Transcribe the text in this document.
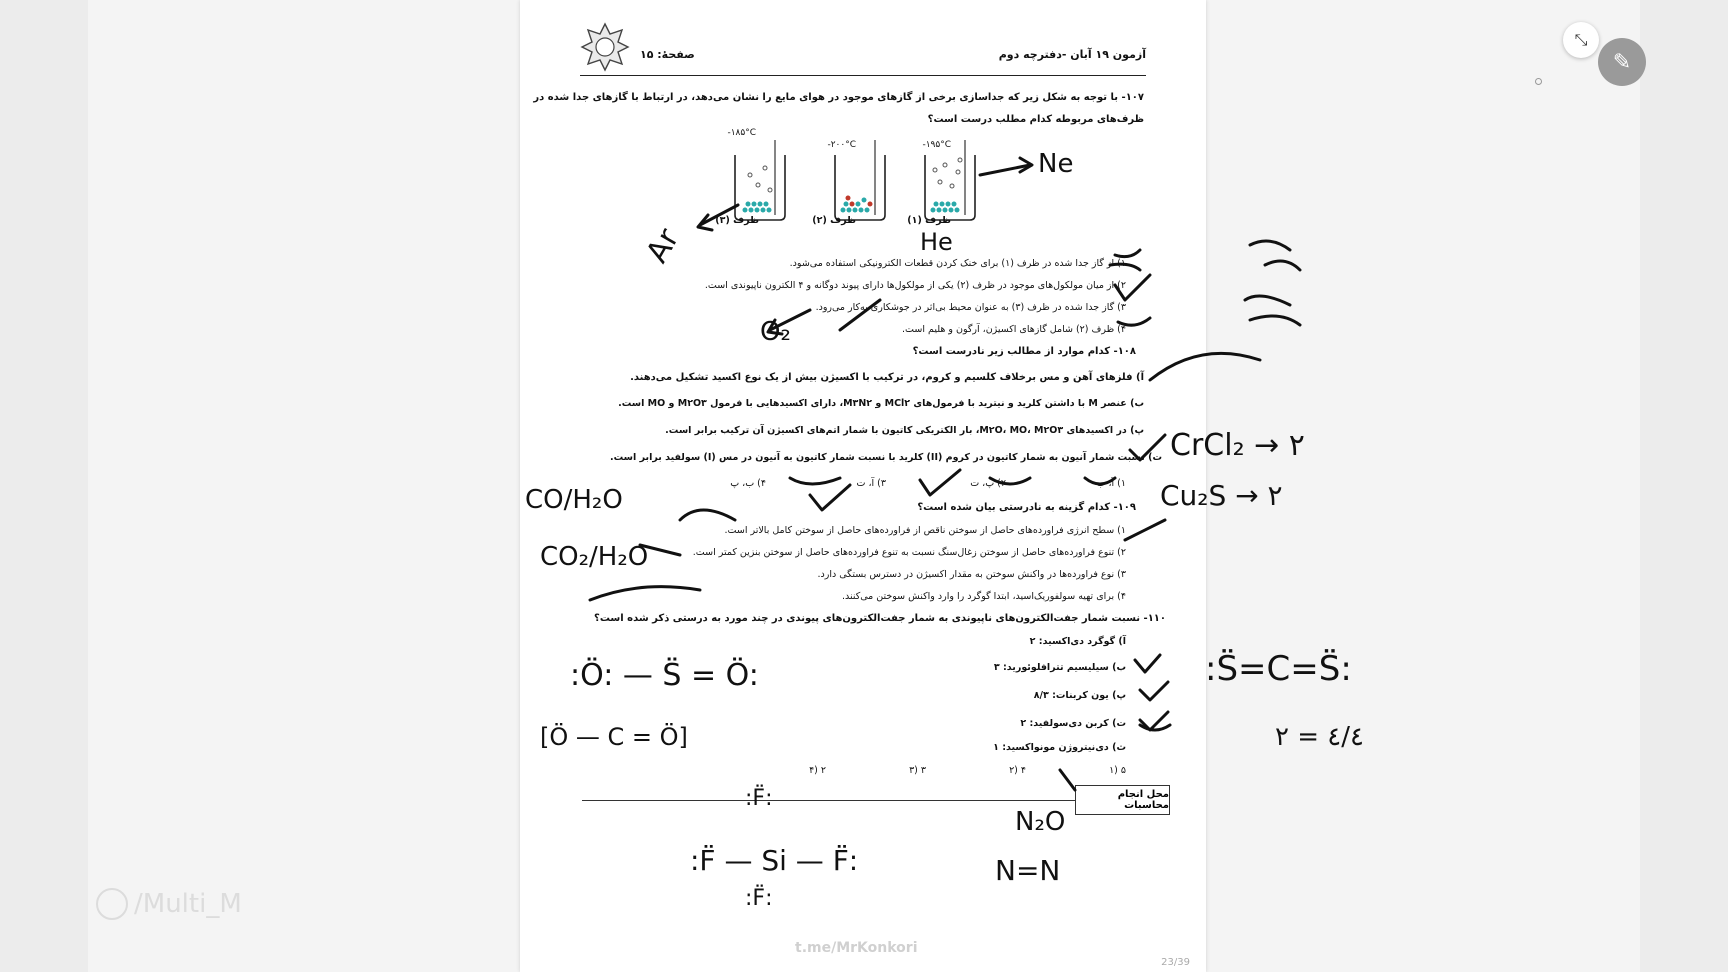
صفحهٔ: ۱۵	آزمون ۱۹ آبان -دفترچه دوم
۱۰۷- با توجه به شکل زیر که جداسازی برخی از گازهای موجود در هوای مایع را نشان می‌دهد، در ارتباط با گازهای جدا شده در
ظرف‌های مربوطه کدام مطلب درست است؟
-۱۸۵°C
-۲۰۰°C	-۱۹۵°C
ظرف (۳)	ظرف (۲)	ظرف (۱)
۱) از گاز جدا شده در ظرف (۱) برای خنک کردن قطعات الکترونیکی استفاده می‌شود.
۲) از میان مولکول‌های موجود در ظرف (۲) یکی از مولکول‌ها دارای پیوند دوگانه و ۴ الکترون ناپیوندی است.
۳) گاز جدا شده در ظرف (۳) به عنوان محیط بی‌اثر در جوشکاری به‌کار می‌رود.
۴) ظرف (۲) شامل گازهای اکسیژن، آرگون و هلیم است.
۱۰۸- کدام موارد از مطالب زیر نادرست است؟
آ) فلزهای آهن و مس برخلاف کلسیم و کروم، در ترکیب با اکسیژن بیش از یک نوع اکسید تشکیل می‌دهند.
ب) عنصر M با داشتن کلرید و نیترید با فرمول‌های MCl۲ و M۳N۲، دارای اکسیدهایی با فرمول M۲O۳ و MO است.
پ) در اکسیدهای M۲O، MO، M۲O۳، بار الکتریکی کاتیون با شمار اتم‌های اکسیژن آن ترکیب برابر است.
ت) نسبت شمار آنیون به شمار کاتیون در کروم (II) کلرید با نسبت شمار کاتیون به آنیون در مس (I) سولفید برابر است.
۱) آ، ب
۲) پ، ت
۳) آ، ت
۴) ب، پ
۱۰۹- کدام گزینه به نادرستی بیان شده است؟
۱) سطح انرژی فراورده‌های حاصل از سوختن ناقص از فراورده‌های حاصل از سوختن کامل بالاتر است.
۲) تنوع فراورده‌های حاصل از سوختن زغال‌سنگ نسبت به تنوع فراورده‌های حاصل از سوختن بنزین کمتر است.
۳) نوع فراورده‌ها در واکنش سوختن به مقدار اکسیژن در دسترس بستگی دارد.
۴) برای تهیه سولفوریک‌اسید، ابتدا گوگرد را وارد واکنش سوختن می‌کنند.
۱۱۰- نسبت شمار جفت‌الکترون‌های ناپیوندی به شمار جفت‌الکترون‌های پیوندی در چند مورد به درستی ذکر شده است؟
آ) گوگرد دی‌اکسید: ۲
ب) سیلیسیم تترافلوئورید: ۳
پ) یون کربنات: ۸/۳
ت) کربن دی‌سولفید: ۲
ث) دی‌نیتروژن مونواکسید: ۱
۱) ۵
۲) ۴
۳) ۳
۴) ۲
محل انجام محاسبات
t.me/MrKonkori
23/39
Ne
Ar	He
O₂
CrCl₂ → ۲
Cu₂S → ۲
CO/H₂O
CO₂/H₂O
:Ö: — S̈ = Ö:
[Ö — C = Ö]
:S̈=C=S̈:
۲ = ٤/٤
:F̈ — Si — F̈:
:F̈:
:F̈:
N₂O
N=N
/Multi_M
⤡
✎
